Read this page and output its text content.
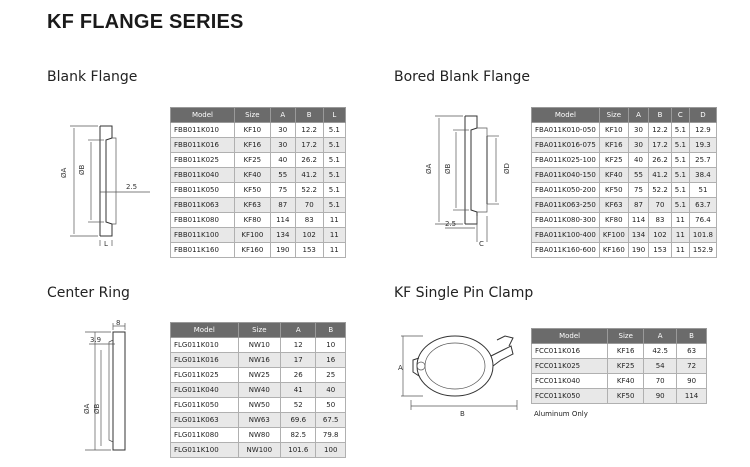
KF FLANGE SERIES
Blank Flange
ØA ØB
2.5
L
Model	Size	A	B	L
FBB011K010	KF10	30	12.2	5.1
FBB011K016	KF16	30	17.2	5.1
FBB011K025	KF25	40	26.2	5.1
FBB011K040	KF40	55	41.2	5.1
FBB011K050	KF50	75	52.2	5.1
FBB011K063	KF63	87	70	5.1
FBB011K080	KF80	114	83	11
FBB011K100	KF100	134	102	11
FBB011K160	KF160	190	153	11
Bored Blank Flange
ØA ØB	ØD
2.5
C
Model	Size	A	B	C	D
FBA011K010-050	KF10	30	12.2	5.1	12.9
FBA011K016-075	KF16	30	17.2	5.1	19.3
FBA011K025-100	KF25	40	26.2	5.1	25.7
FBA011K040-150	KF40	55	41.2	5.1	38.4
FBA011K050-200	KF50	75	52.2	5.1	51
FBA011K063-250	KF63	87	70	5.1	63.7
FBA011K080-300	KF80	114	83	11	76.4
FBA011K100-400	KF100	134	102	11	101.8
FBA011K160-600	KF160	190	153	11	152.9
Center Ring
8
3.9
ØA ØB
Model	Size	A	B
FLG011K010	NW10	12	10
FLG011K016	NW16	17	16
FLG011K025	NW25	26	25
FLG011K040	NW40	41	40
FLG011K050	NW50	52	50
FLG011K063	NW63	69.6	67.5
FLG011K080	NW80	82.5	79.8
FLG011K100	NW100	101.6	100
KF Single Pin Clamp
A
B
Model	Size	A	B
FCC011K016	KF16	42.5	63
FCC011K025	KF25	54	72
FCC011K040	KF40	70	90
FCC011K050	KF50	90	114
Aluminum Only
